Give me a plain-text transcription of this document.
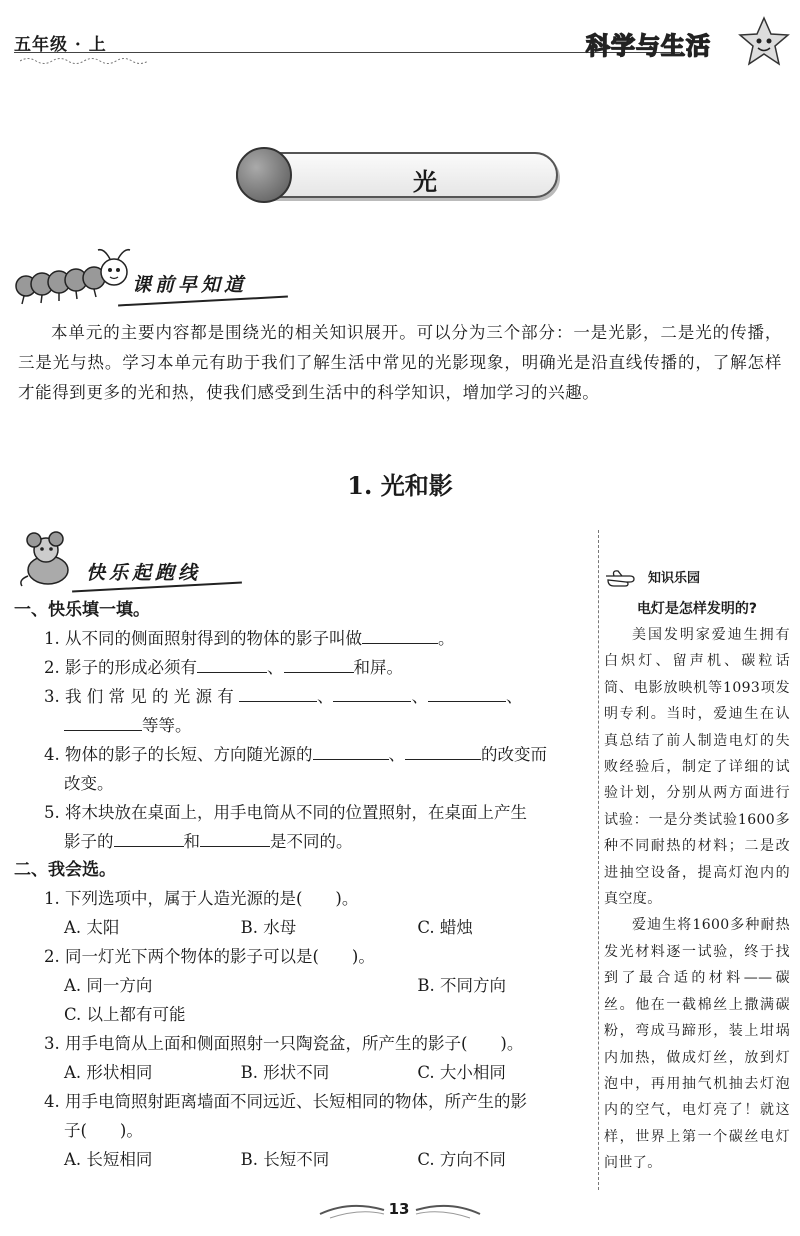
五年级 · 上	科学与生活
光
课前早知道
本单元的主要内容都是围绕光的相关知识展开。可以分为三个部分：一是光影，二是光的传播，三是光与热。学习本单元有助于我们了解生活中常见的光影现象，明确光是沿直线传播的，了解怎样才能得到更多的光和热，使我们感受到生活中的科学知识，增加学习的兴趣。
1. 光和影
快乐起跑线
一、快乐填一填。
1. 从不同的侧面照射得到的物体的影子叫做	。
2. 影子的形成必须有	、	和屏。
3. 我 们 常 见 的 光 源 有	、	、	、
等等。
4. 物体的影子的长短、方向随光源的	、	的改变而
改变。
5. 将木块放在桌面上，用手电筒从不同的位置照射，在桌面上产生
影子的	和	是不同的。
二、我会选。
1. 下列选项中，属于人造光源的是(　　)。
A. 太阳	B. 水母	C. 蜡烛
2. 同一灯光下两个物体的影子可以是(　　)。
A. 同一方向	B. 不同方向
C. 以上都有可能
3. 用手电筒从上面和侧面照射一只陶瓷盆，所产生的影子(　　)。
A. 形状相同	B. 形状不同	C. 大小相同
4. 用手电筒照射距离墙面不同远近、长短相同的物体，所产生的影
子(　　)。
A. 长短相同	B. 长短不同	C. 方向不同
知识乐园
电灯是怎样发明的?
美国发明家爱迪生拥有白炽灯、留声机、碳粒话筒、电影放映机等1093项发明专利。当时，爱迪生在认真总结了前人制造电灯的失败经验后，制定了详细的试验计划，分别从两方面进行试验：一是分类试验1600多种不同耐热的材料；二是改进抽空设备，提高灯泡内的真空度。
爱迪生将1600多种耐热发光材料逐一试验，终于找到了最合适的材料——碳丝。他在一截棉丝上撒满碳粉，弯成马蹄形，装上坩埚内加热，做成灯丝，放到灯泡中，再用抽气机抽去灯泡内的空气，电灯亮了！就这样，世界上第一个碳丝电灯问世了。
13
